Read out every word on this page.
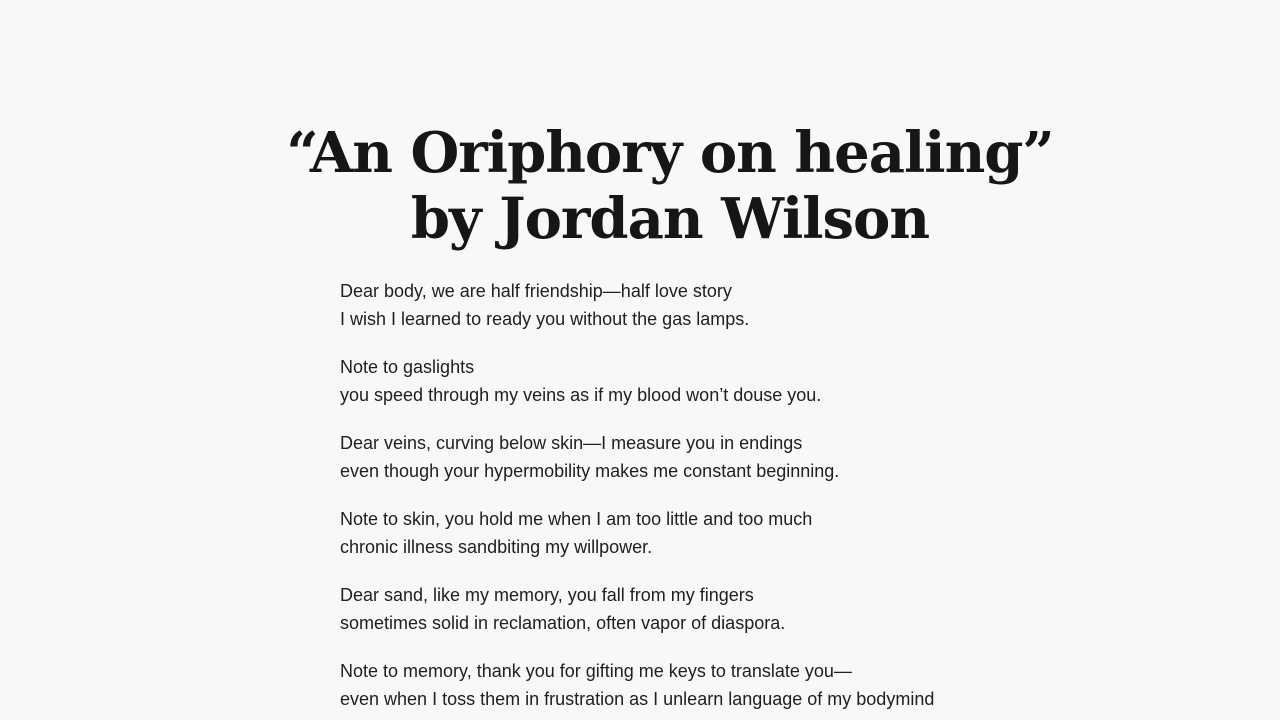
“An Oriphory on healing”
by Jordan Wilson

Dear body, we are half friendship—half love story
I wish I learned to ready you without the gas lamps.

Note to gaslights
you speed through my veins as if my blood won’t douse you.

Dear veins, curving below skin—I measure you in endings
even though your hypermobility makes me constant beginning.

Note to skin, you hold me when I am too little and too much
chronic illness sandbiting my willpower.

Dear sand, like my memory, you fall from my fingers
sometimes solid in reclamation, often vapor of diaspora.

Note to memory, thank you for gifting me keys to translate you—
even when I toss them in frustration as I unlearn language of my bodymind
